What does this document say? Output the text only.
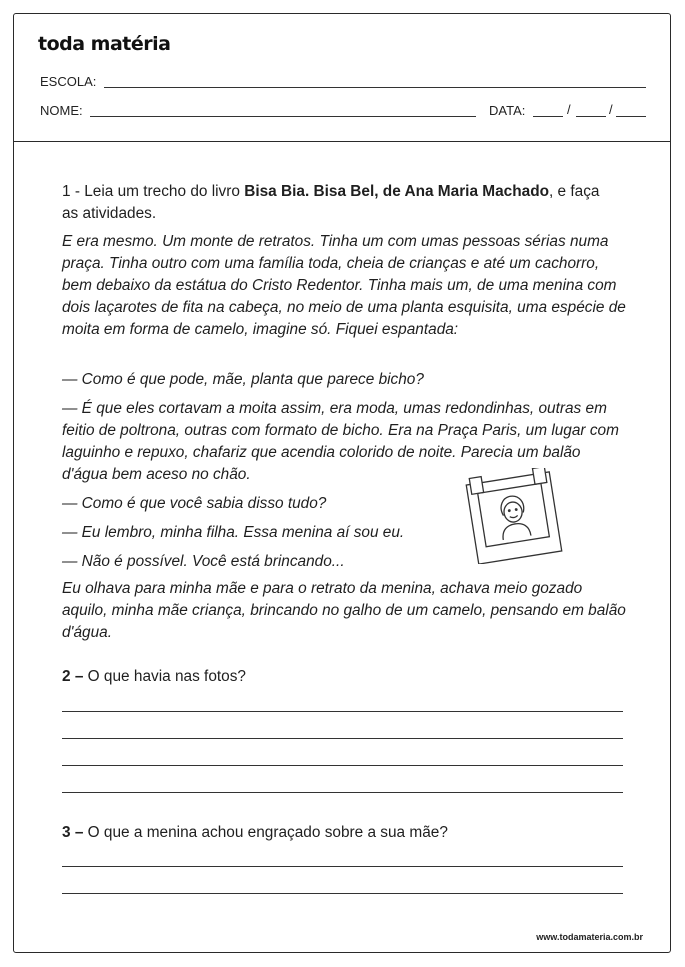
toda matéria
ESCOLA:
NOME:	DATA:	/	/
1 - Leia um trecho do livro Bisa Bia. Bisa Bel, de Ana Maria Machado, e faça as atividades.
E era mesmo. Um monte de retratos. Tinha um com umas pessoas sérias numa praça. Tinha outro com uma família toda, cheia de crianças e até um cachorro, bem debaixo da estátua do Cristo Redentor. Tinha mais um, de uma menina com dois laçarotes de fita na cabeça, no meio de uma planta esquisita, uma espécie de moita em forma de camelo, imagine só. Fiquei espantada:
— Como é que pode, mãe, planta que parece bicho?
— É que eles cortavam a moita assim, era moda, umas redondinhas, outras em feitio de poltrona, outras com formato de bicho. Era na Praça Paris, um lugar com laguinho e repuxo, chafariz que acendia colorido de noite. Parecia um balão d'água bem aceso no chão.
— Como é que você sabia disso tudo?
— Eu lembro, minha filha. Essa menina aí sou eu.
— Não é possível. Você está brincando...
Eu olhava para minha mãe e para o retrato da menina, achava meio gozado aquilo, minha mãe criança, brincando no galho de um camelo, pensando em balão d'água.
2 – O que havia nas fotos?
3 – O que a menina achou engraçado sobre a sua mãe?
www.todamateria.com.br
